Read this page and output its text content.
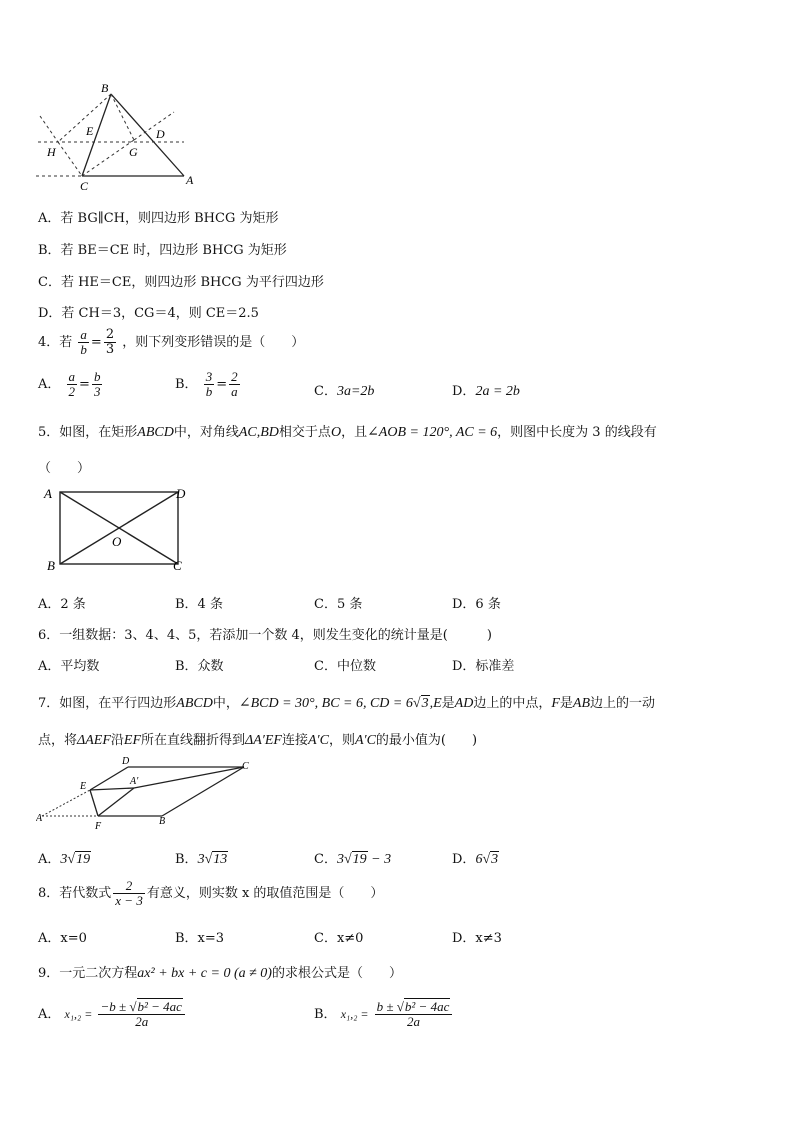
B
E	D
H	G
C	A
A．若 BG∥CH，则四边形 BHCG 为矩形
B．若 BE＝CE 时，四边形 BHCG 为矩形
C．若 HE＝CE，则四边形 BHCG 为平行四边形
D．若 CH＝3，CG＝4，则 CE＝2.5
4．若 $\frac{a}{b} = \frac{2}{3}$ ，则下列变形错误的是（　　）
A． $\frac{a}{2} = \frac{b}{3}$	B． $\frac{3}{b} = \frac{2}{a}$	C．3a=2b	D．2a = 2b
5．如图，在矩形ABCD中，对角线AC,BD相交于点O，且∠AOB = 120°, AC = 6，则图中长度为 3 的线段有
（　　）
A	D
B	C
O
A．2 条	B．4 条	C．5 条	D．6 条
6．一组数据：3、4、4、5，若添加一个数 4，则发生变化的统计量是(　　　)
A．平均数	B．众数	C．中位数	D．标准差
7．如图，在平行四边形ABCD中，∠BCD = 30°, BC = 6, CD = 6√3,E是AD边上的中点，F是AB边上的一动
点，将ΔAEF沿EF所在直线翻折得到ΔA′EF连接A′C，则A′C的最小值为(　　)
D	C
A′
E
A
F	B
A．3√19	B．3√13	C．3√19 − 3	D．6√3
8．若代数式 $\frac{2}{x - 3}$ 有意义，则实数 x 的取值范围是（　　）
A．x=0	B．x=3	C．x≠0	D．x≠3
9．一元二次方程ax² + bx + c = 0 (a ≠ 0)的求根公式是（　　）
A． $x_1,_2 = \frac{\text{−b ± √b² − 4ac}}{2a}$	B． $x_1,_2 = \frac{\text{b ± √b² − 4ac}}{2a}$
